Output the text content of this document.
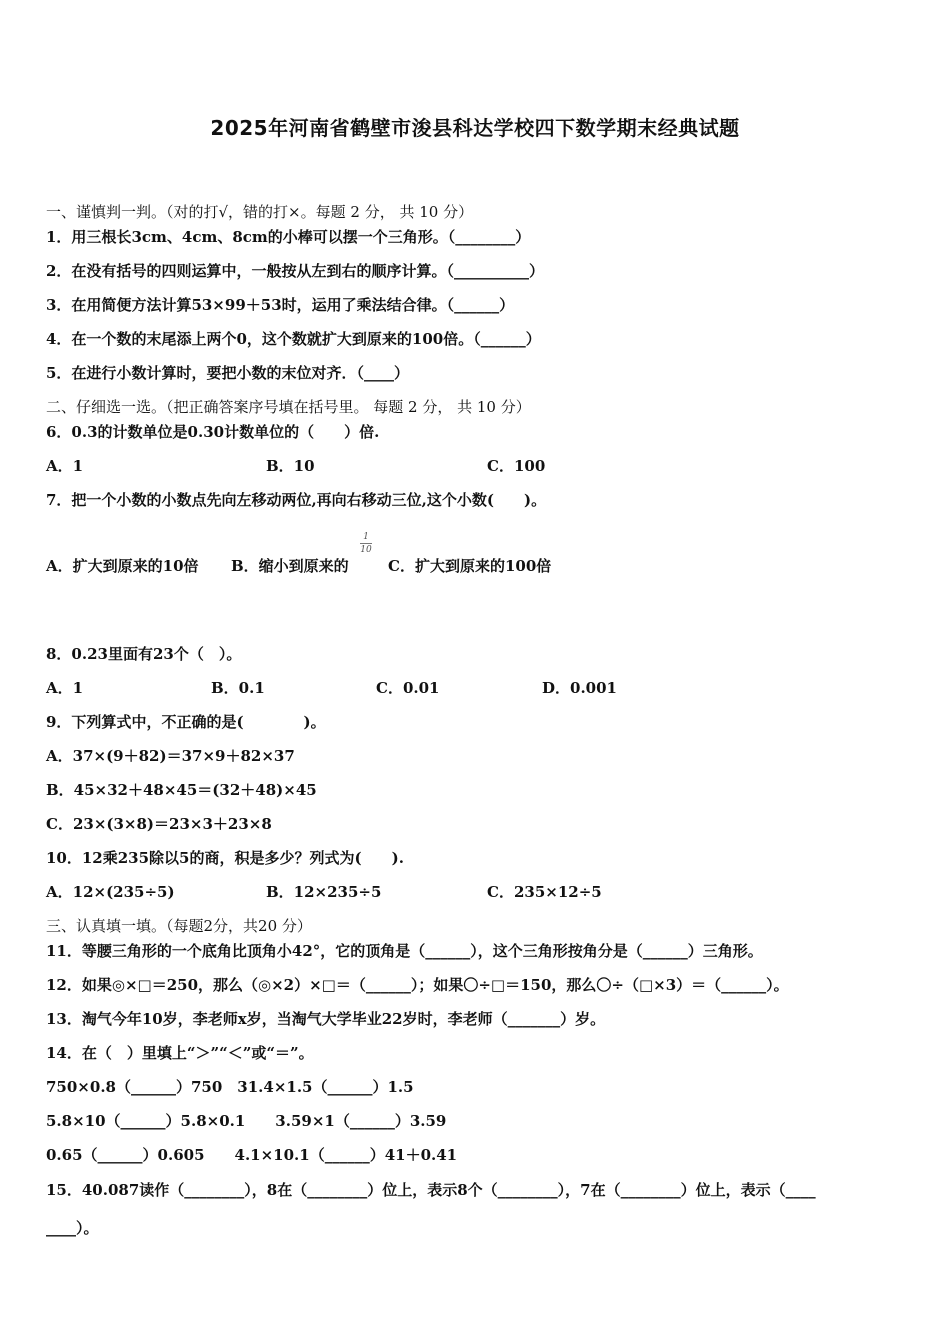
2025年河南省鹤壁市浚县科达学校四下数学期末经典试题
一、谨慎判一判。（对的打√，错的打×。每题 2 分， 共 10 分）
1．用三根长3cm、4cm、8cm的小棒可以摆一个三角形。（________）
2．在没有括号的四则运算中，一般按从左到右的顺序计算。（__________）
3．在用简便方法计算53×99＋53时，运用了乘法结合律。（______）
4．在一个数的末尾添上两个0，这个数就扩大到原来的100倍。（______）
5．在进行小数计算时，要把小数的末位对齐．（____）
二、仔细选一选。（把正确答案序号填在括号里。 每题 2 分， 共 10 分）
6．0.3的计数单位是0.30计数单位的（　　）倍.
A．1	B．10	C．100
7．把一个小数的小数点先向左移动两位,再向右移动三位,这个小数(　　)。
A．扩大到原来的10倍 B．缩小到原来的
1
10
C．扩大到原来的100倍
8．0.23里面有23个（　）。
A．1	B．0.1	C．0.01	D．0.001
9．下列算式中，不正确的是(　　　　)。
A．37×(9＋82)＝37×9＋82×37
B．45×32＋48×45＝(32＋48)×45
C．23×(3×8)＝23×3＋23×8
10．12乘235除以5的商，积是多少？列式为(　　).
A．12×(235÷5)	B．12×235÷5	C．235×12÷5
三、认真填一填。（每题2分，共20 分）
11．等腰三角形的一个底角比顶角小42°，它的顶角是（______），这个三角形按角分是（______）三角形。
12．如果◎×□＝250，那么（◎×2）×□＝（______）；如果〇÷□＝150，那么〇÷（□×3）＝（______）。
13．淘气今年10岁，李老师x岁，当淘气大学毕业22岁时，李老师（_______）岁。
14．在（　）里填上“＞”“＜”或“＝”。
750×0.8（______）750　31.4×1.5（______）1.5
5.8×10（______）5.8×0.1　　3.59×1（______）3.59
0.65（______）0.605　　4.1×10.1（______）41＋0.41
15．40.087读作（________），8在（________）位上，表示8个（________），7在（________）位上，表示（____
____）。
